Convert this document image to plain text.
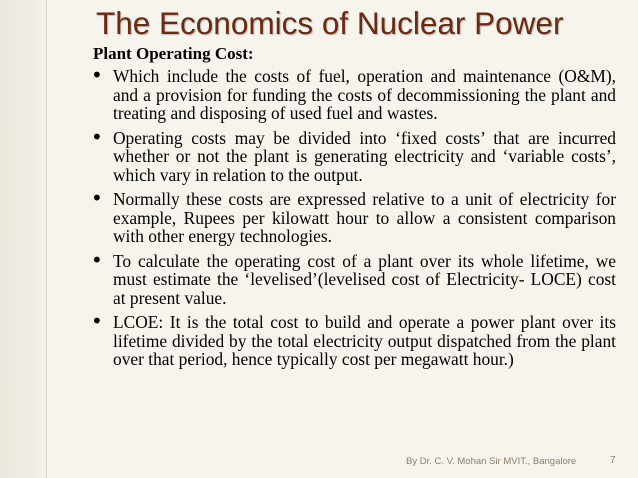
The Economics of Nuclear Power
Plant Operating Cost:
• Which include the costs of fuel, operation and maintenance (O&M), and a provision for funding the costs of decommissioning the plant and treating and disposing of used fuel and wastes.
• Operating costs may be divided into ‘fixed costs’ that are incurred whether or not the plant is generating electricity and ‘variable costs’, which vary in relation to the output.
• Normally these costs are expressed relative to a unit of electricity for example, Rupees per kilowatt hour to allow a consistent comparison with other energy technologies.
• To calculate the operating cost of a plant over its whole lifetime, we must estimate the ‘levelised’(levelised cost of Electricity- LOCE) cost at present value.
• LCOE: It is the total cost to build and operate a power plant over its lifetime divided by the total electricity output dispatched from the plant over that period, hence typically cost per megawatt hour.)
By Dr. C. V. Mohan Sir MVIT., Bangalore	7
